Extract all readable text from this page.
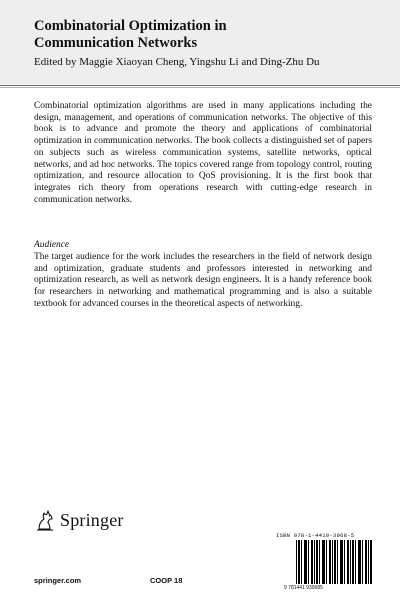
Combinatorial Optimization in
Communication Networks
Edited by Maggie Xiaoyan Cheng, Yingshu Li and Ding-Zhu Du

Combinatorial optimization algorithms are used in many applications including the design, management, and operations of communication networks. The objective of this book is to advance and promote the theory and applications of combinatorial optimization in communication networks. The book collects a distinguished set of papers on subjects such as wireless communication systems, satellite networks, optical networks, and ad hoc networks. The topics covered range from topology control, routing optimization, and resource allocation to QoS provisioning. It is the first book that integrates rich theory from operations research with cutting-edge research in communication networks.

Audience
The target audience for the work includes the researchers in the field of network design and optimization, graduate students and professors interested in networking and optimization research, as well as network design engineers. It is a handy reference book for researchers in networking and mathematical programming and is also a suitable textbook for advanced courses in the theoretical aspects of networking.
Springer
springer.com	COOP 18
ISBN 978-1-4419-3968-5
9 781441 939685
